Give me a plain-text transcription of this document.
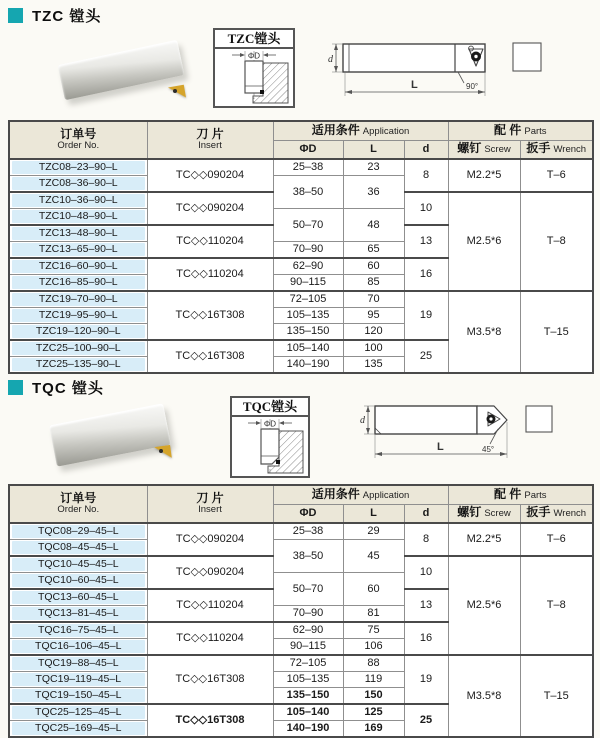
TZC 镗头
TZC镗头
ΦD
90°
d
L
订单号
Order No.

刀 片
Insert
	适用条件 Application	配 件 Parts
		ΦD	L	d	螺钉 Screw	扳手 Wrench

TZC08–23–90–L	TC◇◇090204	25–38	23	8	M2.2*5	T–6

TZC08–36–90–L		38–50	36			

TZC10–36–90–L	TC◇◇090204			10	M2.5*6	T–8

TZC10–48–90–L		50–70	48			

TZC13–48–90–L	TC◇◇110204			13		

TZC13–65–90–L		70–90	65			

TZC16–60–90–L	TC◇◇110204	62–90	60	16		

TZC16–85–90–L		90–115	85			

TZC19–70–90–L	TC◇◇16T308	72–105	70	19	M3.5*8	T–15

TZC19–95–90–L		105–135	95			

TZC19–120–90–L		135–150	120			

TZC25–100–90–L	TC◇◇16T308	105–140	100	25		

TZC25–135–90–L		140–190	135			
TQC 镗头
TQC镗头
ΦD
45°
d
L
订单号
Order No.

刀 片
Insert
	适用条件 Application	配 件 Parts
		ΦD	L	d	螺钉 Screw	扳手 Wrench

TQC08–29–45–L	TC◇◇090204	25–38	29	8	M2.2*5	T–6

TQC08–45–45–L		38–50	45			

TQC10–45–45–L	TC◇◇090204			10	M2.5*6	T–8

TQC10–60–45–L		50–70	60			

TQC13–60–45–L	TC◇◇110204			13		

TQC13–81–45–L		70–90	81			

TQC16–75–45–L	TC◇◇110204	62–90	75	16		

TQC16–106–45–L		90–115	106			

TQC19–88–45–L	TC◇◇16T308	72–105	88	19	M3.5*8	T–15

TQC19–119–45–L		105–135	119			

TQC19–150–45–L		135–150	150			

TQC25–125–45–L	TC◇◇16T308	105–140	125	25		

TQC25–169–45–L		140–190	169			
